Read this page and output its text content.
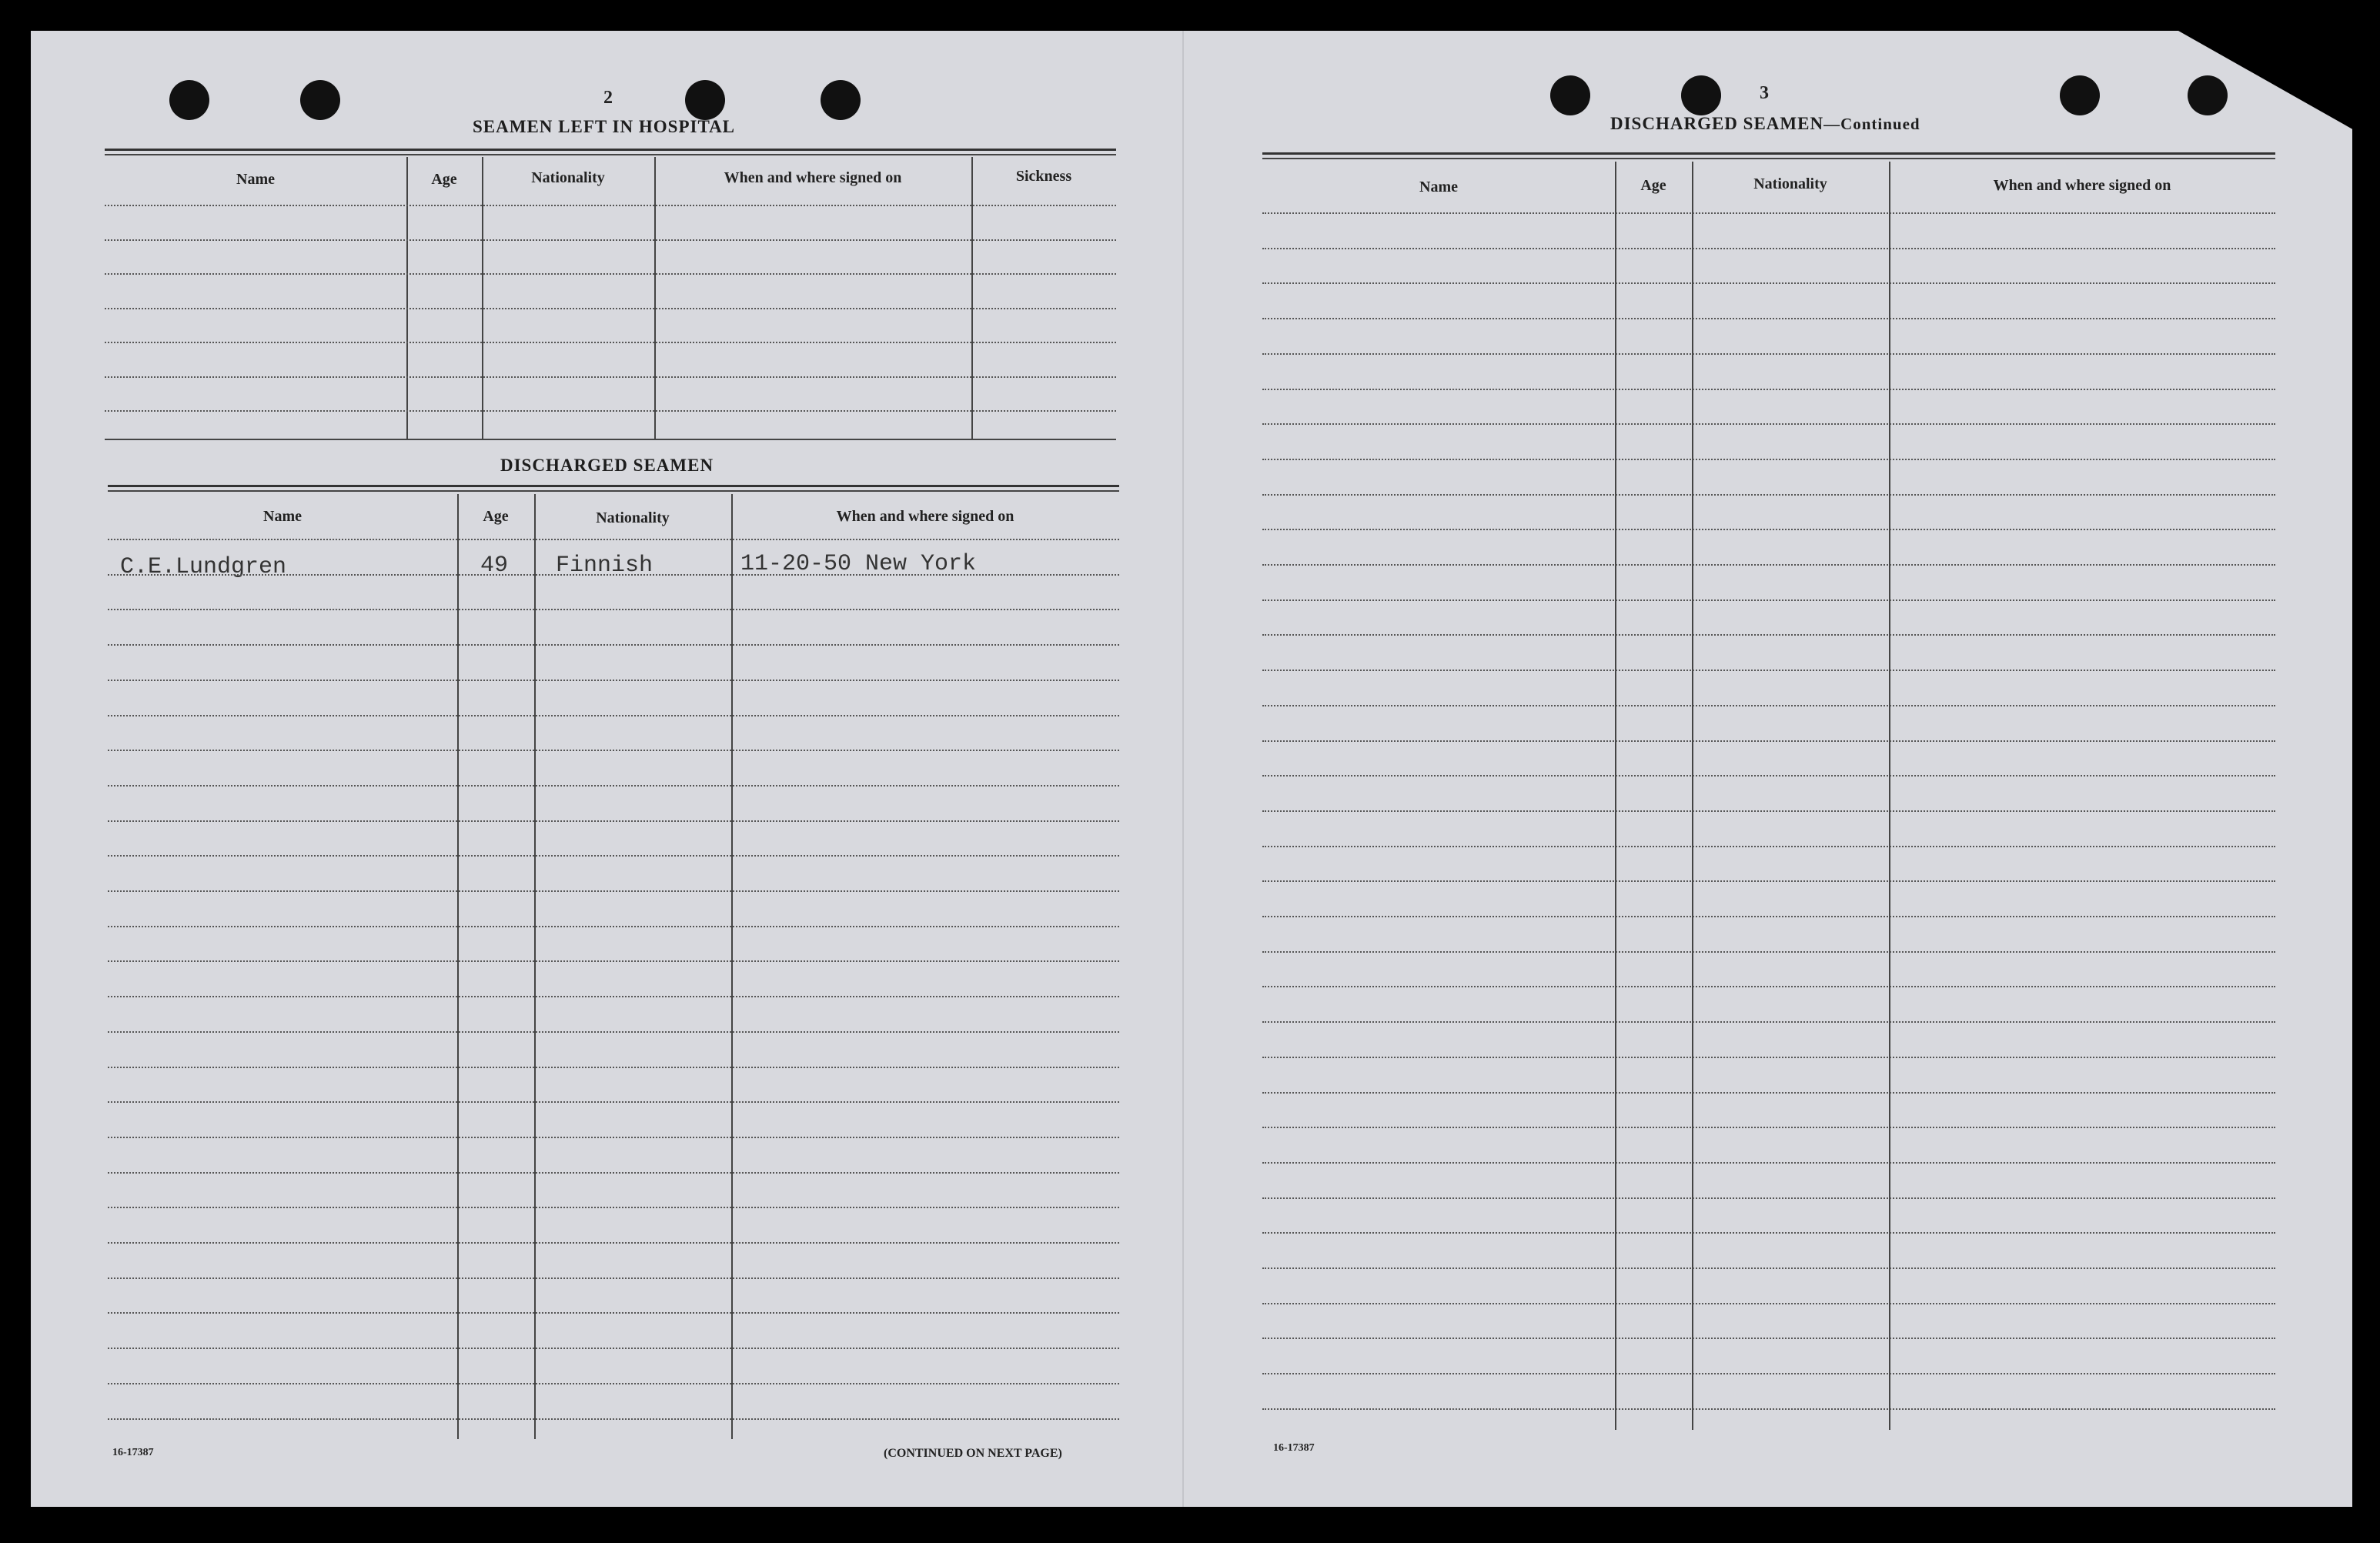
2
SEAMEN LEFT IN HOSPITAL
Name	Age	Nationality	When and where signed on	Sickness
DISCHARGED SEAMEN
Name	Age	Nationality	When and where signed on
C.E.Lundgren	49 Finnish	11-20-50 New York
16-17387	(CONTINUED ON NEXT PAGE)
3
DISCHARGED SEAMEN—Continued
Name	Age	Nationality	When and where signed on
16-17387
